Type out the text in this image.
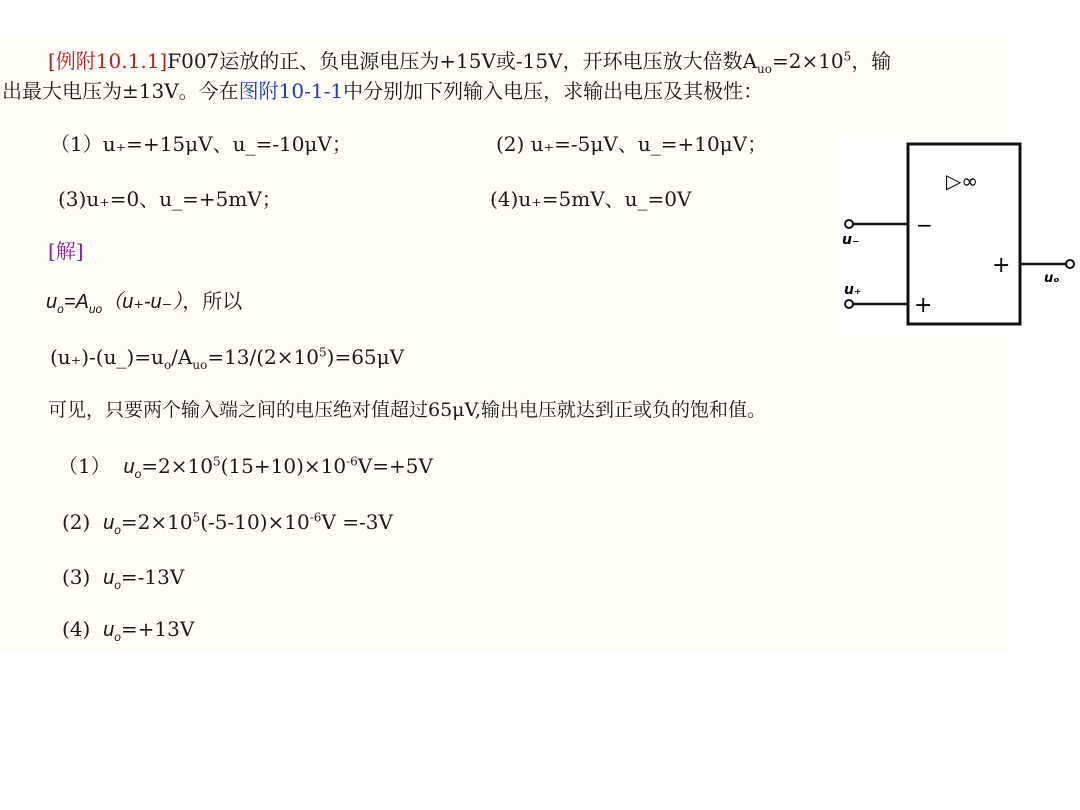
[例附10.1.1]F007运放的正、负电源电压为+15V或-15V，开环电压放大倍数$A_{uo}=2\times 10^5$，输
出最大电压为±13V。今在图附10-1-1中分别加下列输入电压，求输出电压及其极性：
（1）u₊=+15μV、u_=-10μV；	(2) u₊=-5μV、u_=+10μV；
(3)u₊=0、u_=+5mV；	(4)u₊=5mV、u_=0V
[解]
$u_o=A_{uo}(u_+-u_-)$，所以
$(u_+)-(u\_)=u_o/A_{uo}=13/(2\times 10^5)=65\mu V$
可见，只要两个输入端之间的电压绝对值超过65μV,输出电压就达到正或负的饱和值。
（1） $u_o=2\times 10^5(15+10)\times 10^{-6}V=+5V$
(2) $u_o=2\times 10^5(-5-10)\times 10^{-6}V =-3V$
(3) $u_o=-13V$
(4) $u_o=+13V$
▷∞
−
u₋
+
u₊
+
uₒ
